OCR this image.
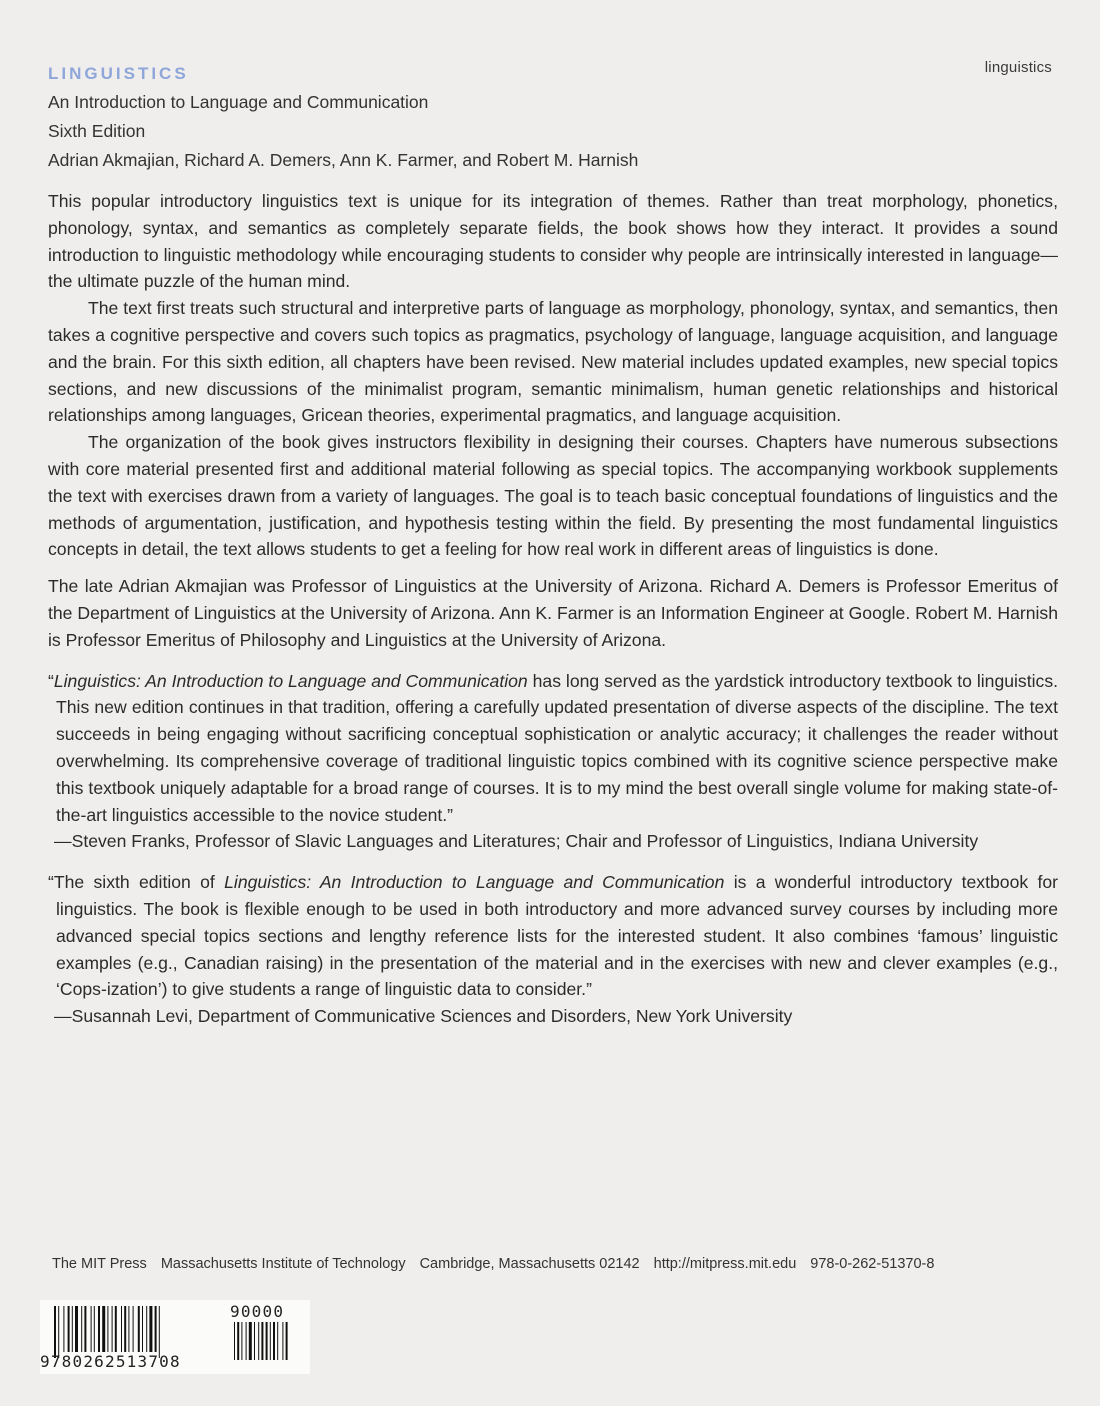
linguistics
LINGUISTICS
An Introduction to Language and Communication
Sixth Edition
Adrian Akmajian, Richard A. Demers, Ann K. Farmer, and Robert M. Harnish

This popular introductory linguistics text is unique for its integration of themes. Rather than treat morphology, phonetics, phonology, syntax, and semantics as completely separate fields, the book shows how they interact. It provides a sound introduction to linguistic methodology while encouraging students to consider why people are intrinsically interested in language—the ultimate puzzle of the human mind.

The text first treats such structural and interpretive parts of language as morphology, phonology, syntax, and semantics, then takes a cognitive perspective and covers such topics as pragmatics, psychology of language, language acquisition, and language and the brain. For this sixth edition, all chapters have been revised. New material includes updated examples, new special topics sections, and new discussions of the minimalist program, semantic minimalism, human genetic relationships and historical relationships among languages, Gricean theories, experimental pragmatics, and language acquisition.

The organization of the book gives instructors flexibility in designing their courses. Chapters have numerous subsections with core material presented first and additional material following as special topics. The accompanying workbook supplements the text with exercises drawn from a variety of languages. The goal is to teach basic conceptual foundations of linguistics and the methods of argumentation, justification, and hypothesis testing within the field. By presenting the most fundamental linguistics concepts in detail, the text allows students to get a feeling for how real work in different areas of linguistics is done.

The late Adrian Akmajian was Professor of Linguistics at the University of Arizona. Richard A. Demers is Professor Emeritus of the Department of Linguistics at the University of Arizona. Ann K. Farmer is an Information Engineer at Google. Robert M. Harnish is Professor Emeritus of Philosophy and Linguistics at the University of Arizona.

“Linguistics: An Introduction to Language and Communication has long served as the yardstick introductory textbook to linguistics. This new edition continues in that tradition, offering a carefully updated presentation of diverse aspects of the discipline. The text succeeds in being engaging without sacrificing conceptual sophistication or analytic accuracy; it challenges the reader without overwhelming. Its comprehensive coverage of traditional linguistic topics combined with its cognitive science perspective make this textbook uniquely adaptable for a broad range of courses. It is to my mind the best overall single volume for making state-of-the-art linguistics accessible to the novice student.”

—Steven Franks, Professor of Slavic Languages and Literatures; Chair and Professor of Linguistics, Indiana University

“The sixth edition of Linguistics: An Introduction to Language and Communication is a wonderful introductory textbook for linguistics. The book is flexible enough to be used in both introductory and more advanced survey courses by including more advanced special topics sections and lengthy reference lists for the interested student. It also combines ‘famous’ linguistic examples (e.g., Canadian raising) in the presentation of the material and in the exercises with new and clever examples (e.g., ‘Cops-ization’) to give students a range of linguistic data to consider.”

—Susannah Levi, Department of Communicative Sciences and Disorders, New York University

The MIT Press Massachusetts Institute of Technology Cambridge, Massachusetts 02142 http://mitpress.mit.edu 978-0-262-51370-8
9780262513708
90000
